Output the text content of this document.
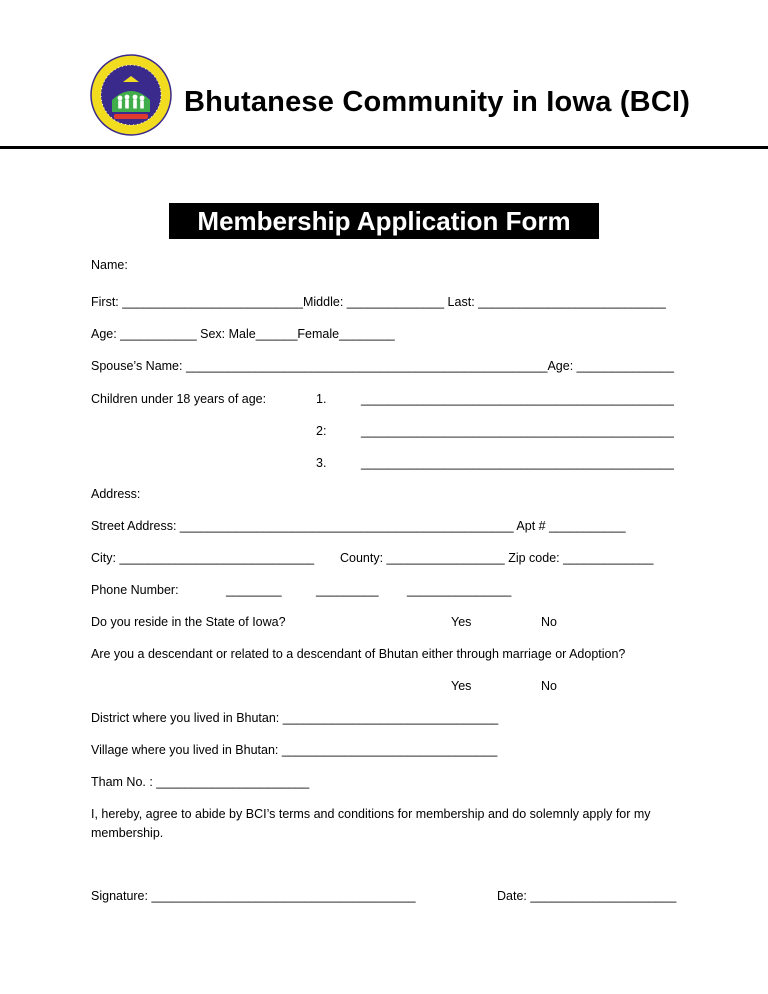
Bhutanese Community in Iowa (BCI)
Membership Application Form
Name:
First: __________________________Middle: ______________ Last: ___________________________
Age: ___________ Sex: Male______Female________
Spouse’s Name: ____________________________________________________Age: ______________
Children under 18 years of age:	1.	_____________________________________________
2:	_____________________________________________
3.	_____________________________________________
Address:
Street Address: ________________________________________________ Apt # ___________
City: ____________________________ County: _________________ Zip code: _____________
Phone Number:	________	_________ _______________
Do you reside in the State of Iowa?	Yes	No
Are you a descendant or related to a descendant of Bhutan either through marriage or Adoption?
Yes	No
District where you lived in Bhutan: _______________________________
Village where you lived in Bhutan: _______________________________
Tham No. : ______________________
I, hereby, agree to abide by BCI’s terms and conditions for membership and do solemnly apply for my membership.
Signature: ______________________________________	Date: _____________________
